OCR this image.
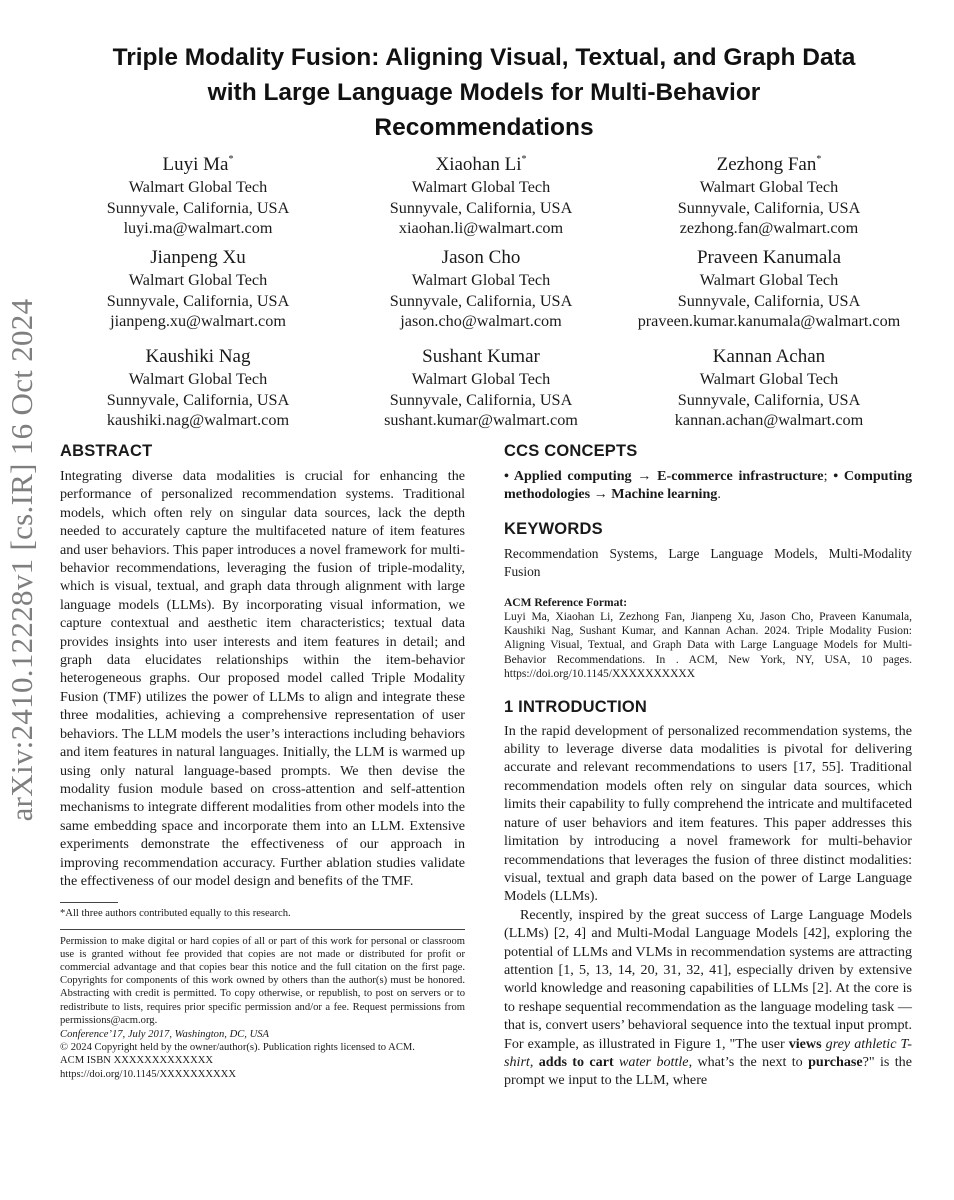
arXiv:2410.12228v1 [cs.IR] 16 Oct 2024
Triple Modality Fusion: Aligning Visual, Textual, and Graph Data
with Large Language Models for Multi-Behavior
Recommendations
Luyi Ma*
Walmart Global Tech
Sunnyvale, California, USA
luyi.ma@walmart.com
Xiaohan Li*
Walmart Global Tech
Sunnyvale, California, USA
xiaohan.li@walmart.com
Zezhong Fan*
Walmart Global Tech
Sunnyvale, California, USA
zezhong.fan@walmart.com
Jianpeng Xu
Walmart Global Tech
Sunnyvale, California, USA
jianpeng.xu@walmart.com
Jason Cho
Walmart Global Tech
Sunnyvale, California, USA
jason.cho@walmart.com
Praveen Kanumala
Walmart Global Tech
Sunnyvale, California, USA
praveen.kumar.kanumala@walmart.com
Kaushiki Nag
Walmart Global Tech
Sunnyvale, California, USA
kaushiki.nag@walmart.com
Sushant Kumar
Walmart Global Tech
Sunnyvale, California, USA
sushant.kumar@walmart.com
Kannan Achan
Walmart Global Tech
Sunnyvale, California, USA
kannan.achan@walmart.com
ABSTRACT

Integrating diverse data modalities is crucial for enhancing the performance of personalized recommendation systems. Traditional models, which often rely on singular data sources, lack the depth needed to accurately capture the multifaceted nature of item features and user behaviors. This paper introduces a novel framework for multi-behavior recommendations, leveraging the fusion of triple-modality, which is visual, textual, and graph data through alignment with large language models (LLMs). By incorporating visual information, we capture contextual and aesthetic item characteristics; textual data provides insights into user interests and item features in detail; and graph data elucidates relationships within the item-behavior heterogeneous graphs. Our proposed model called Triple Modality Fusion (TMF) utilizes the power of LLMs to align and integrate these three modalities, achieving a comprehensive representation of user behaviors. The LLM models the user’s interactions including behaviors and item features in natural languages. Initially, the LLM is warmed up using only natural language-based prompts. We then devise the modality fusion module based on cross-attention and self-attention mechanisms to integrate different modalities from other models into the same embedding space and incorporate them into an LLM. Extensive experiments demonstrate the effectiveness of our approach in improving recommendation accuracy. Further ablation studies validate the effectiveness of our model design and benefits of the TMF.

*All three authors contributed equally to this research.

Permission to make digital or hard copies of all or part of this work for personal or classroom use is granted without fee provided that copies are not made or distributed for profit or commercial advantage and that copies bear this notice and the full citation on the first page. Copyrights for components of this work owned by others than the author(s) must be honored. Abstracting with credit is permitted. To copy otherwise, or republish, to post on servers or to redistribute to lists, requires prior specific permission and/or a fee. Request permissions from permissions@acm.org.

Conference’17, July 2017, Washington, DC, USA

© 2024 Copyright held by the owner/author(s). Publication rights licensed to ACM.

ACM ISBN XXXXXXXXXXXXX

https://doi.org/10.1145/XXXXXXXXXX

CCS CONCEPTS

• Applied computing → E-commerce infrastructure; • Computing methodologies → Machine learning.

KEYWORDS

Recommendation Systems, Large Language Models, Multi-Modality Fusion

ACM Reference Format:

Luyi Ma, Xiaohan Li, Zezhong Fan, Jianpeng Xu, Jason Cho, Praveen Kanumala, Kaushiki Nag, Sushant Kumar, and Kannan Achan. 2024. Triple Modality Fusion: Aligning Visual, Textual, and Graph Data with Large Language Models for Multi-Behavior Recommendations. In . ACM, New York, NY, USA, 10 pages. https://doi.org/10.1145/XXXXXXXXXX

1 INTRODUCTION

In the rapid development of personalized recommendation systems, the ability to leverage diverse data modalities is pivotal for delivering accurate and relevant recommendations to users [17, 55]. Traditional recommendation models often rely on singular data sources, which limits their capability to fully comprehend the intricate and multifaceted nature of user behaviors and item features. This paper addresses this limitation by introducing a novel framework for multi-behavior recommendations that leverages the fusion of three distinct modalities: visual, textual and graph data based on the power of Large Language Models (LLMs).

Recently, inspired by the great success of Large Language Models (LLMs) [2, 4] and Multi-Modal Language Models [42], exploring the potential of LLMs and VLMs in recommendation systems are attracting attention [1, 5, 13, 14, 20, 31, 32, 41], especially driven by extensive world knowledge and reasoning capabilities of LLMs [2]. At the core is to reshape sequential recommendation as the language modeling task — that is, convert users’ behavioral sequence into the textual input prompt. For example, as illustrated in Figure 1, "The user views grey athletic T-shirt, adds to cart water bottle, what’s the next to purchase?" is the prompt we input to the LLM, where
